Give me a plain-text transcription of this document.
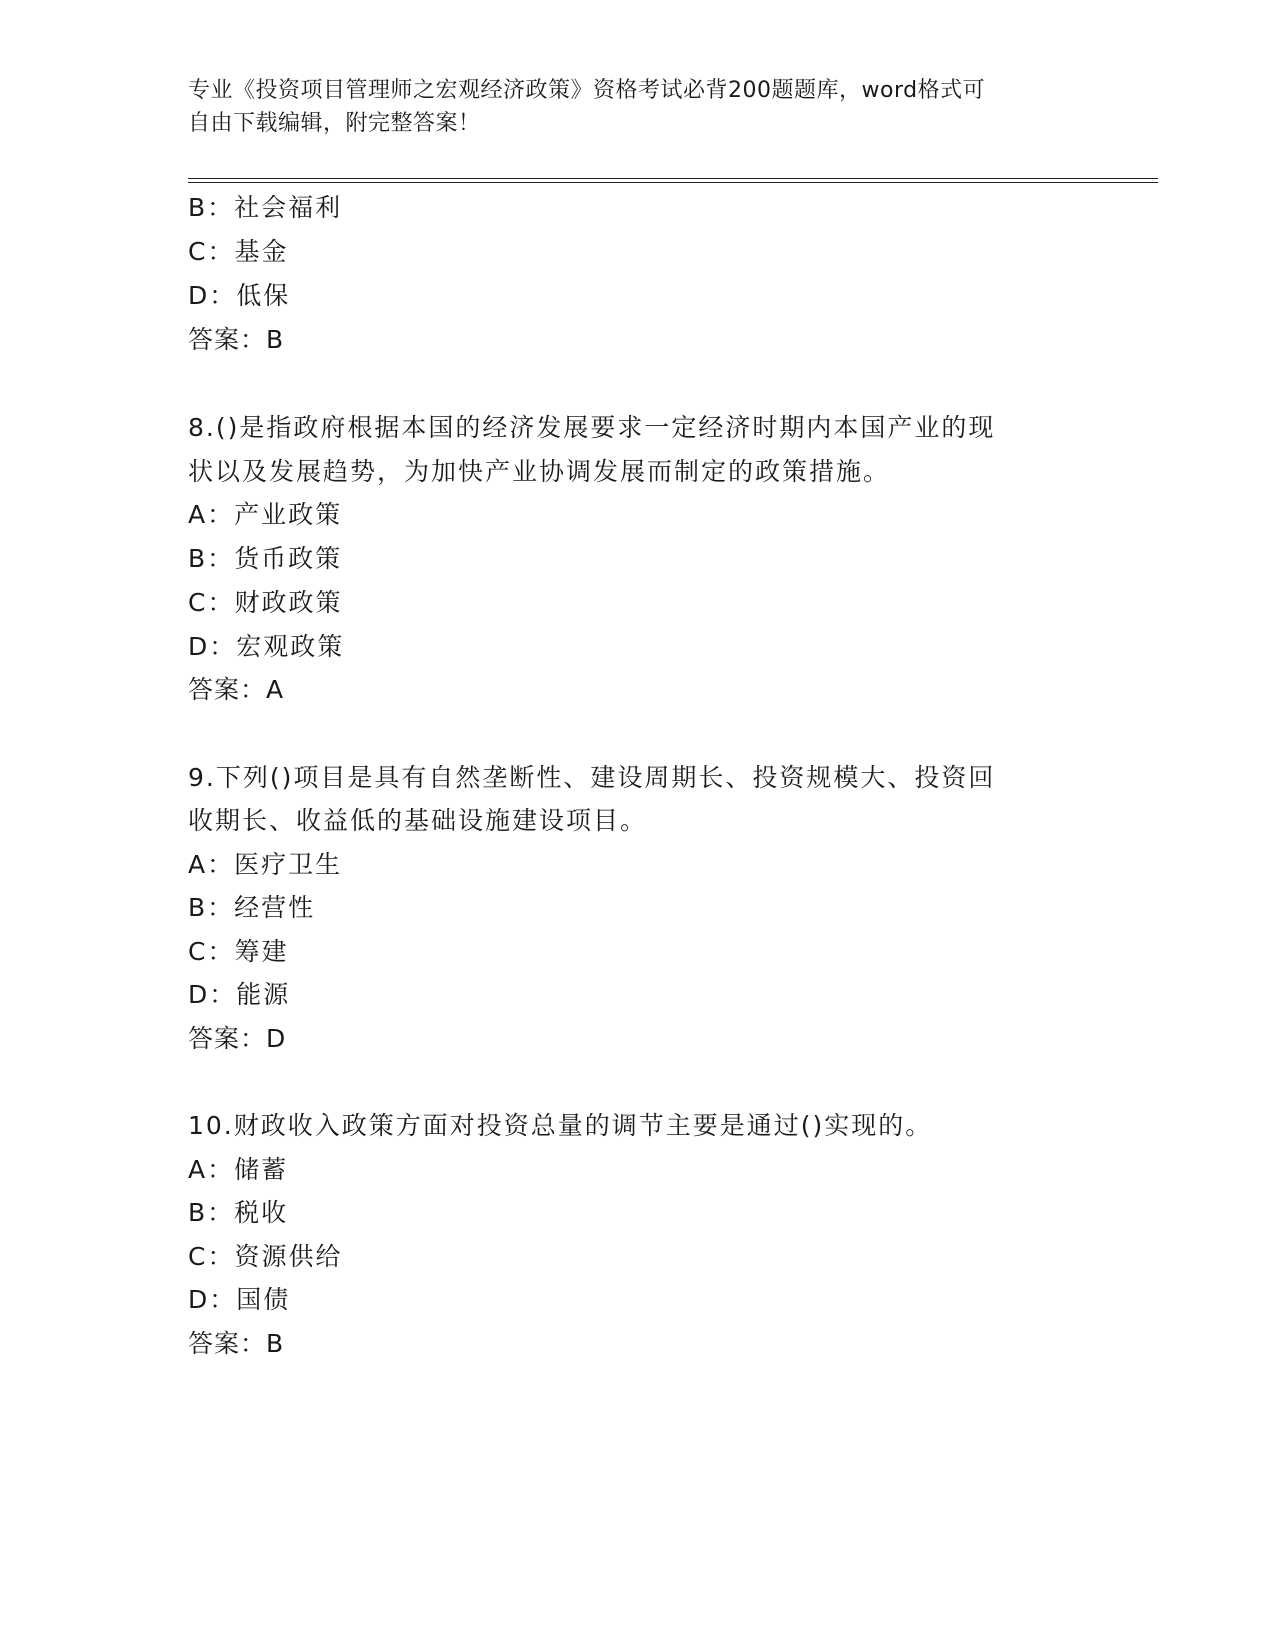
专业《投资项目管理师之宏观经济政策》资格考试必背200题题库，word格式可
自由下载编辑，附完整答案！
B：社会福利
C：基金
D：低保
答案：B
8.()是指政府根据本国的经济发展要求一定经济时期内本国产业的现
状以及发展趋势，为加快产业协调发展而制定的政策措施。
A：产业政策
B：货币政策
C：财政政策
D：宏观政策
答案：A
9.下列()项目是具有自然垄断性、建设周期长、投资规模大、投资回
收期长、收益低的基础设施建设项目。
A：医疗卫生
B：经营性
C：筹建
D：能源
答案：D
10.财政收入政策方面对投资总量的调节主要是通过()实现的。
A：储蓄
B：税收
C：资源供给
D：国债
答案：B
